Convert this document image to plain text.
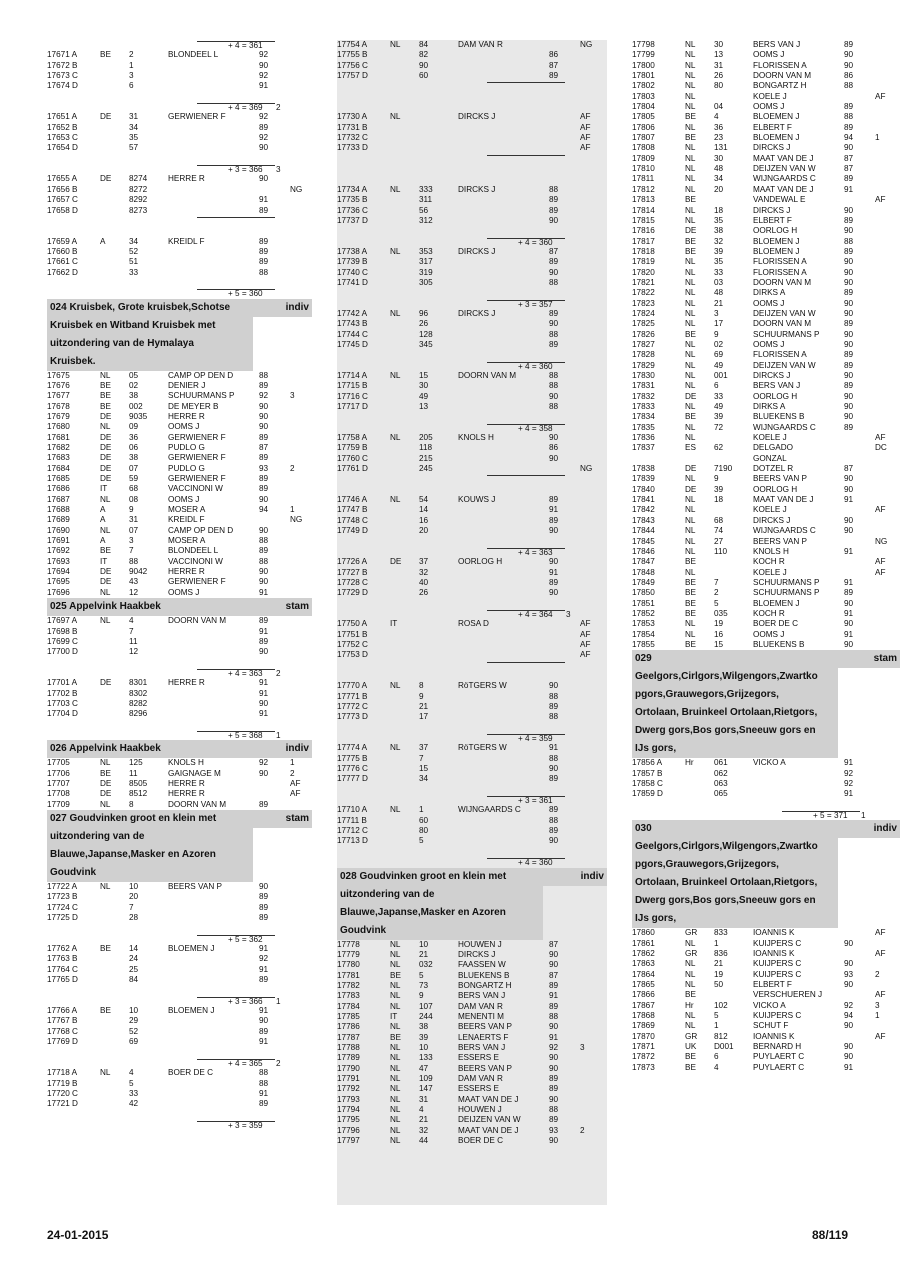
+ 4 = 361
17671 A	BE 2	BLONDEEL L	92
17672 B	1	90
17673 C	3	92
17674 D	6	91
+ 4 = 369 2
17651 A	DE 31	GERWIENER F	92
17652 B	34	89
17653 C	35	92
17654 D	57	90
+ 3 = 366 3
17655 A	DE 8274	HERRE R	90
17656 B	8272	NG
17657 C	8292	91
17658 D	8273	89
17659 A	A	34	KREIDL F	89
17660 B	52	89
17661 C	51	89
17662 D	33	88
+ 5 = 360
024 Kruisbek, Grote kruisbek,Schotse	indiv
Kruisbek en Witband Kruisbek met
uitzondering van de Hymalaya
Kruisbek.
17675	NL 05	CAMP OP DEN D	88
17676	BE 02	DENIER J	89
17677	BE 38	SCHUURMANS P	92	3
17678	BE 002	DE MEYER B	90
17679	DE 9035	HERRE R	90
17680	NL 09	OOMS J	90
17681	DE 36	GERWIENER F	89
17682	DE 06	PUDLO G	87
17683	DE 38	GERWIENER F	89
17684	DE 07	PUDLO G	93	2
17685	DE 59	GERWIENER F	89
17686	IT	68	VACCINONI W	89
17687	NL 08	OOMS J	90
17688	A	9	MOSER A	94	1
17689	A	31	KREIDL F	NG
17690	NL 07	CAMP OP DEN D	90
17691	A	3	MOSER A	88
17692	BE 7	BLONDEEL L	89
17693	IT	88	VACCINONI W	88
17694	DE 9042	HERRE R	90
17695	DE 43	GERWIENER F	90
17696	NL 12	OOMS J	91
025 Appelvink Haakbek	stam
17697 A	NL 4	DOORN VAN M	89
17698 B	7	91
17699 C	11	89
17700 D	12	90
+ 4 = 363 2
17701 A	DE 8301	HERRE R	91
17702 B	8302	91
17703 C	8282	90
17704 D	8296	91
+ 5 = 368 1
026 Appelvink Haakbek	indiv
17705	NL 125	KNOLS H	92	1
17706	BE 11	GAIGNAGE M	90	2
17707	DE 8505	HERRE R	AF
17708	DE 8512	HERRE R	AF
17709	NL 8	DOORN VAN M	89
027 Goudvinken groot en klein met	stam
uitzondering van de
Blauwe,Japanse,Masker en Azoren
Goudvink
17722 A	NL 10	BEERS VAN P	90
17723 B	20	89
17724 C	7	89
17725 D	28	89
+ 5 = 362
17762 A	BE 14	BLOEMEN J	91
17763 B	24	92
17764 C	25	91
17765 D	84	89
+ 3 = 366 1
17766 A	BE 10	BLOEMEN J	91
17767 B	29	90
17768 C	52	89
17769 D	69	91
+ 4 = 365 2
17718 A	NL 4	BOER DE C	88
17719 B	5	88
17720 C	33	91
17721 D	42	89
+ 3 = 359
17754 A	NL 84	DAM VAN R	NG
17755 B	82	86
17756 C	90	87
17757 D	60	89
17730 A	NL	DIRCKS J	AF
17731 B	AF
17732 C	AF
17733 D	AF
17734 A	NL 333	DIRCKS J	88
17735 B	311	89
17736 C	56	89
17737 D	312	90
+ 4 = 360
17738 A	NL 353	DIRCKS J	87
17739 B	317	89
17740 C	319	90
17741 D	305	88
+ 3 = 357
17742 A	NL 96	DIRCKS J	89
17743 B	26	90
17744 C	128	88
17745 D	345	89
+ 4 = 360
17714 A	NL 15	DOORN VAN M	88
17715 B	30	88
17716 C	49	90
17717 D	13	88
+ 4 = 358
17758 A	NL 205	KNOLS H	90
17759 B	118	86
17760 C	215	90
17761 D	245	NG
17746 A	NL 54	KOUWS J	89
17747 B	14	91
17748 C	16	89
17749 D	20	90
+ 4 = 363
17726 A	DE 37	OORLOG H	90
17727 B	32	91
17728 C	40	89
17729 D	26	90
+ 4 = 364 3
17750 A	IT	ROSA D	AF
17751 B	AF
17752 C	AF
17753 D	AF
17770 A	NL 8	RöTGERS W	90
17771 B	9	88
17772 C	21	89
17773 D	17	88
+ 4 = 359
17774 A	NL 37	RöTGERS W	91
17775 B	7	88
17776 C	15	90
17777 D	34	89
+ 3 = 361
17710 A	NL 1	WIJNGAARDS C	89
17711 B	60	88
17712 C	80	89
17713 D	5	90
+ 4 = 360
028 Goudvinken groot en klein met	indiv
uitzondering van de
Blauwe,Japanse,Masker en Azoren
Goudvink
17778	NL 10	HOUWEN J	87
17779	NL 21	DIRCKS J	90
17780	NL 032	FAASSEN W	90
17781	BE 5	BLUEKENS B	87
17782	NL 73	BONGARTZ H	89
17783	NL 9	BERS VAN J	91
17784	NL 107	DAM VAN R	89
17785	IT	244	MENENTI M	88
17786	NL 38	BEERS VAN P	90
17787	BE 39	LENAERTS F	91
17788	NL 10	BERS VAN J	92	3
17789	NL 133	ESSERS E	90
17790	NL 47	BEERS VAN P	90
17791	NL 109	DAM VAN R	89
17792	NL 147	ESSERS E	89
17793	NL 31	MAAT VAN DE J	90
17794	NL 4	HOUWEN J	88
17795	NL 21	DEIJZEN VAN W	89
17796	NL 32	MAAT VAN DE J	93	2
17797	NL 44	BOER DE C	90
17798	NL 30	BERS VAN J	89
17799	NL 13	OOMS J	90
17800	NL 31	FLORISSEN A	90
17801	NL 26	DOORN VAN M	86
17802	NL 80	BONGARTZ H	88
17803	NL	KOELE J	AF
17804	NL 04	OOMS J	89
17805	BE 4	BLOEMEN J	88
17806	NL 36	ELBERT F	89
17807	BE 23	BLOEMEN J	94	1
17808	NL 131	DIRCKS J	90
17809	NL 30	MAAT VAN DE J	87
17810	NL 48	DEIJZEN VAN W	87
17811	NL 34	WIJNGAARDS C	89
17812	NL 20	MAAT VAN DE J	91
17813	BE	VANDEWAL E	AF
17814	NL 18	DIRCKS J	90
17815	NL 35	ELBERT F	89
17816	DE 38	OORLOG H	90
17817	BE 32	BLOEMEN J	88
17818	BE 39	BLOEMEN J	89
17819	NL 35	FLORISSEN A	90
17820	NL 33	FLORISSEN A	90
17821	NL 03	DOORN VAN M	90
17822	NL 48	DIRKS A	89
17823	NL 21	OOMS J	90
17824	NL 3	DEIJZEN VAN W	90
17825	NL 17	DOORN VAN M	89
17826	BE 9	SCHUURMANS P	90
17827	NL 02	OOMS J	90
17828	NL 69	FLORISSEN A	89
17829	NL 49	DEIJZEN VAN W	89
17830	NL 001	DIRCKS J	90
17831	NL 6	BERS VAN J	89
17832	DE 33	OORLOG H	90
17833	NL 49	DIRKS A	90
17834	BE 39	BLUEKENS B	90
17835	NL 72	WIJNGAARDS C	89
17836	NL	KOELE J	AF
17837	ES 62	DELGADO	DC
GONZAL
17838	DE 7190	DOTZEL R	87
17839	NL 9	BEERS VAN P	90
17840	DE 39	OORLOG H	90
17841	NL 18	MAAT VAN DE J	91
17842	NL	KOELE J	AF
17843	NL 68	DIRCKS J	90
17844	NL 74	WIJNGAARDS C	90
17845	NL 27	BEERS VAN P	NG
17846	NL 110	KNOLS H	91
17847	BE	KOCH R	AF
17848	NL	KOELE J	AF
17849	BE 7	SCHUURMANS P	91
17850	BE 2	SCHUURMANS P	89
17851	BE 5	BLOEMEN J	90
17852	BE 035	KOCH R	91
17853	NL 19	BOER DE C	90
17854	NL 16	OOMS J	91
17855	BE 15	BLUEKENS B	90
029	stam
Geelgors,Cirlgors,Wilgengors,Zwartko
pgors,Grauwegors,Grijzegors,
Ortolaan, Bruinkeel Ortolaan,Rietgors,
Dwerg gors,Bos gors,Sneeuw gors en
IJs gors,
17856 A	Hr 061	VICKO A	91
17857 B	062	92
17858 C	063	92
17859 D	065	91
+ 5 = 371 1
030	indiv
Geelgors,Cirlgors,Wilgengors,Zwartko
pgors,Grauwegors,Grijzegors,
Ortolaan, Bruinkeel Ortolaan,Rietgors,
Dwerg gors,Bos gors,Sneeuw gors en
IJs gors,
17860	GR 833	IOANNIS K	AF
17861	NL 1	KUIJPERS C	90
17862	GR 836	IOANNIS K	AF
17863	NL 21	KUIJPERS C	90
17864	NL 19	KUIJPERS C	93	2
17865	NL 50	ELBERT F	90
17866	BE	VERSCHUEREN J	AF
17867	Hr 102	VICKO A	92	3
17868	NL 5	KUIJPERS C	94	1
17869	NL 1	SCHUT F	90
17870	GR 812	IOANNIS K	AF
17871	UK D001 BERNARD H	90
17872	BE 6	PUYLAERT C	90
17873	BE 4	PUYLAERT C	91
24-01-2015	88/119
